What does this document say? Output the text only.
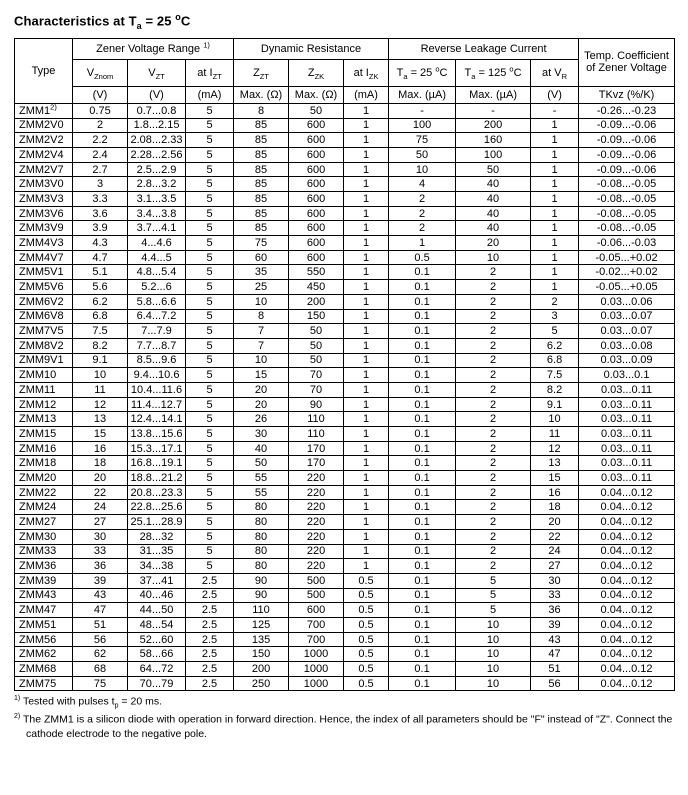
Characteristics at $T_a = 25$ $^o$C
Type	Zener Voltage Range $^{1)}$			Dynamic Resistance			Reverse Leakage Current			Temp. Coefficient
of Zener Voltage
	$V_{Znom}$	$V_{ZT}$	at $I_{ZT}$	$Z_{ZT}$	$Z_{ZK}$	at $I_{ZK}$	$T_a = 25$ $^o$C	$T_a = 125$ $^o$C	at $V_R$
	(V)	(V)	(mA)	Max. (Ω)	Max. (Ω)	(mA)	Max. (µA)	Max. (µA)	(V)	TKvz (%/K)
ZMM1$^{2)}$	0.75	0.7...0.8	5	8	50	1	-	-	-	-0.26...-0.23
ZMM2V0	2	1.8...2.15	5	85	600	1	100	200	1	-0.09...-0.06
ZMM2V2	2.2	2.08...2.33	5	85	600	1	75	160	1	-0.09...-0.06
ZMM2V4	2.4	2.28...2.56	5	85	600	1	50	100	1	-0.09...-0.06
ZMM2V7	2.7	2.5...2.9	5	85	600	1	10	50	1	-0.09...-0.06
ZMM3V0	3	2.8...3.2	5	85	600	1	4	40	1	-0.08...-0.05
ZMM3V3	3.3	3.1...3.5	5	85	600	1	2	40	1	-0.08...-0.05
ZMM3V6	3.6	3.4...3.8	5	85	600	1	2	40	1	-0.08...-0.05
ZMM3V9	3.9	3.7...4.1	5	85	600	1	2	40	1	-0.08...-0.05
ZMM4V3	4.3	4...4.6	5	75	600	1	1	20	1	-0.06...-0.03
ZMM4V7	4.7	4.4...5	5	60	600	1	0.5	10	1	-0.05...+0.02
ZMM5V1	5.1	4.8...5.4	5	35	550	1	0.1	2	1	-0.02...+0.02
ZMM5V6	5.6	5.2...6	5	25	450	1	0.1	2	1	-0.05...+0.05
ZMM6V2	6.2	5.8...6.6	5	10	200	1	0.1	2	2	0.03...0.06
ZMM6V8	6.8	6.4...7.2	5	8	150	1	0.1	2	3	0.03...0.07
ZMM7V5	7.5	7...7.9	5	7	50	1	0.1	2	5	0.03...0.07
ZMM8V2	8.2	7.7...8.7	5	7	50	1	0.1	2	6.2	0.03...0.08
ZMM9V1	9.1	8.5...9.6	5	10	50	1	0.1	2	6.8	0.03...0.09
ZMM10	10	9.4...10.6	5	15	70	1	0.1	2	7.5	0.03...0.1
ZMM11	11	10.4...11.6	5	20	70	1	0.1	2	8.2	0.03...0.11
ZMM12	12	11.4...12.7	5	20	90	1	0.1	2	9.1	0.03...0.11
ZMM13	13	12.4...14.1	5	26	110	1	0.1	2	10	0.03...0.11
ZMM15	15	13.8...15.6	5	30	110	1	0.1	2	11	0.03...0.11
ZMM16	16	15.3...17.1	5	40	170	1	0.1	2	12	0.03...0.11
ZMM18	18	16.8...19.1	5	50	170	1	0.1	2	13	0.03...0.11
ZMM20	20	18.8...21.2	5	55	220	1	0.1	2	15	0.03...0.11
ZMM22	22	20.8...23.3	5	55	220	1	0.1	2	16	0.04...0.12
ZMM24	24	22.8...25.6	5	80	220	1	0.1	2	18	0.04...0.12
ZMM27	27	25.1...28.9	5	80	220	1	0.1	2	20	0.04...0.12
ZMM30	30	28...32	5	80	220	1	0.1	2	22	0.04...0.12
ZMM33	33	31...35	5	80	220	1	0.1	2	24	0.04...0.12
ZMM36	36	34...38	5	80	220	1	0.1	2	27	0.04...0.12
ZMM39	39	37...41	2.5	90	500	0.5	0.1	5	30	0.04...0.12
ZMM43	43	40...46	2.5	90	500	0.5	0.1	5	33	0.04...0.12
ZMM47	47	44...50	2.5	110	600	0.5	0.1	5	36	0.04...0.12
ZMM51	51	48...54	2.5	125	700	0.5	0.1	10	39	0.04...0.12
ZMM56	56	52...60	2.5	135	700	0.5	0.1	10	43	0.04...0.12
ZMM62	62	58...66	2.5	150	1000	0.5	0.1	10	47	0.04...0.12
ZMM68	68	64...72	2.5	200	1000	0.5	0.1	10	51	0.04...0.12
ZMM75	75	70...79	2.5	250	1000	0.5	0.1	10	56	0.04...0.12
$^{1)}$ Tested with pulses $t_p = 20$ ms.
$^{2)}$ The ZMM1 is a silicon diode with operation in forward direction. Hence, the index of all parameters should be "F" instead of "Z". Connect the cathode electrode to the negative pole.
